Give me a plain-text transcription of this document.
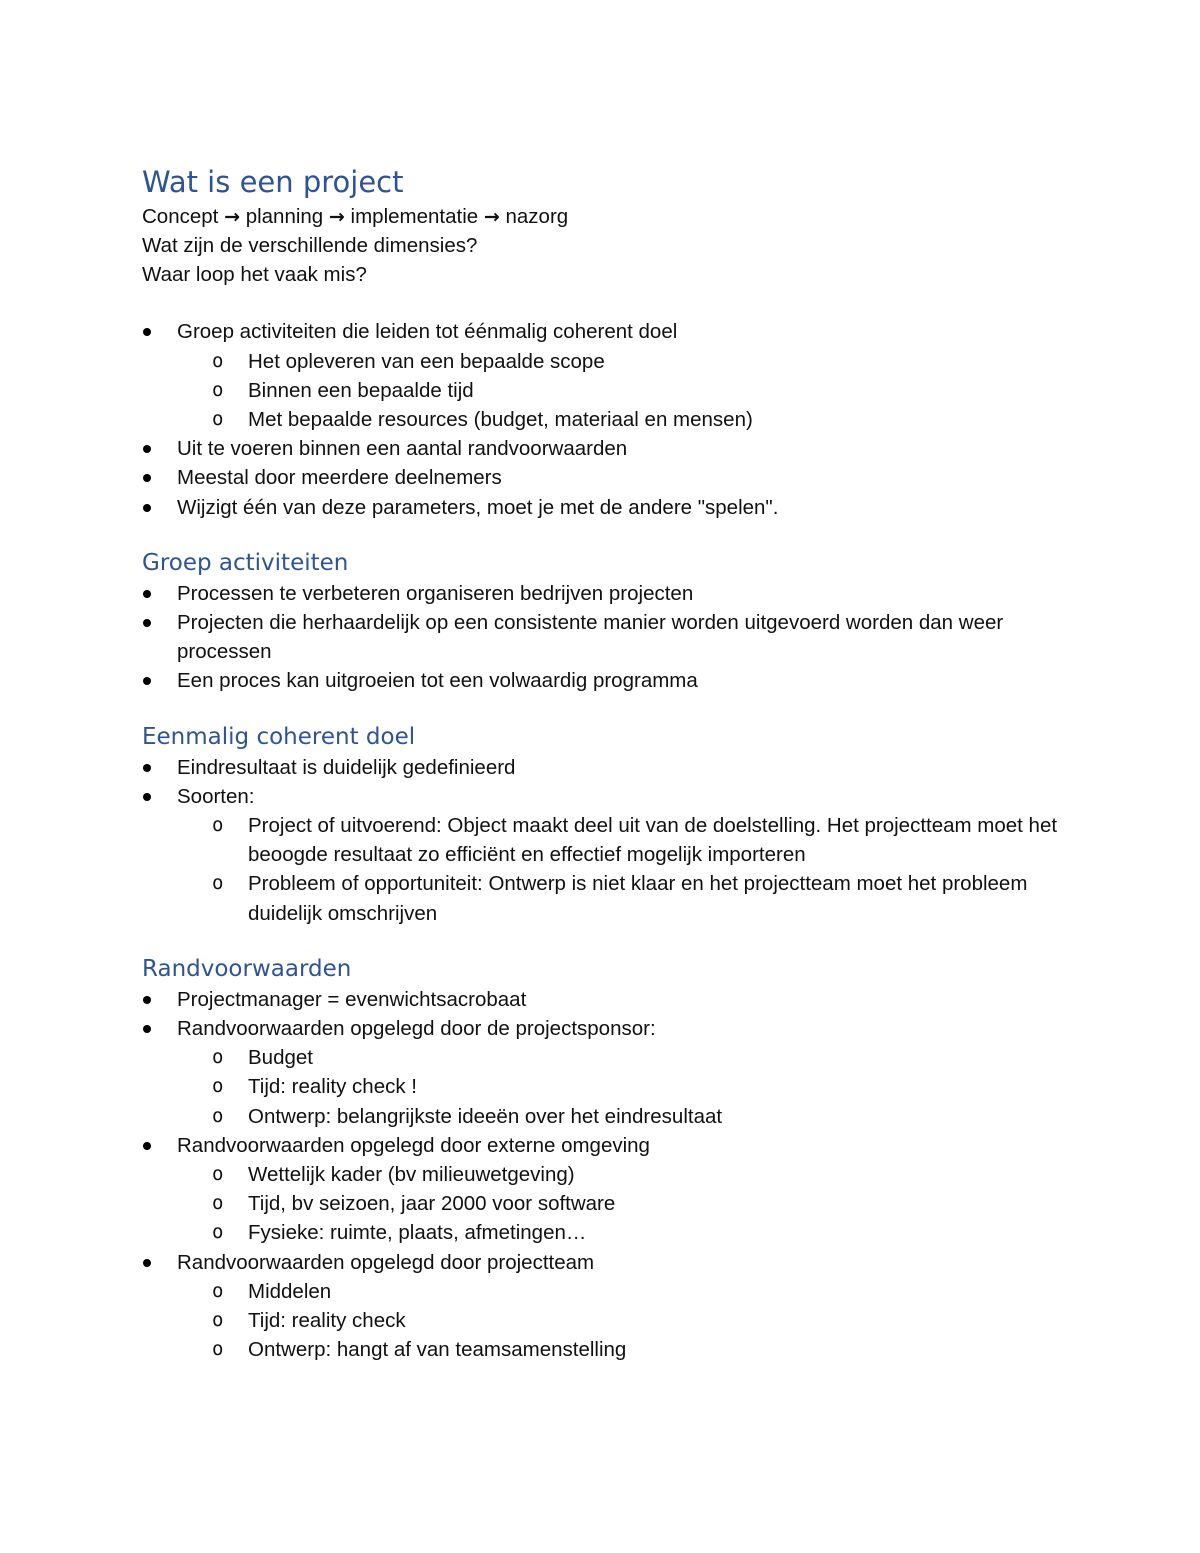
Wat is een project

Concept → planning → implementatie → nazorg

Wat zijn de verschillende dimensies?

Waar loop het vaak mis?

Groep activiteiten die leiden tot éénmalig coherent doel
o Het opleveren van een bepaalde scope
o Binnen een bepaalde tijd
o Met bepaalde resources (budget, materiaal en mensen)
Uit te voeren binnen een aantal randvoorwaarden
Meestal door meerdere deelnemers
Wijzigt één van deze parameters, moet je met de andere "spelen".
Groep activiteiten
Processen te verbeteren organiseren bedrijven projecten
Projecten die herhaardelijk op een consistente manier worden uitgevoerd worden dan weer processen
Een proces kan uitgroeien tot een volwaardig programma
Eenmalig coherent doel
Eindresultaat is duidelijk gedefinieerd
Soorten:
o Project of uitvoerend: Object maakt deel uit van de doelstelling. Het projectteam moet het beoogde resultaat zo efficiënt en effectief mogelijk importeren
o Probleem of opportuniteit: Ontwerp is niet klaar en het projectteam moet het probleem duidelijk omschrijven
Randvoorwaarden
Projectmanager = evenwichtsacrobaat
Randvoorwaarden opgelegd door de projectsponsor:
o Budget
o Tijd: reality check !
o Ontwerp: belangrijkste ideeën over het eindresultaat
Randvoorwaarden opgelegd door externe omgeving
o Wettelijk kader (bv milieuwetgeving)
o Tijd, bv seizoen, jaar 2000 voor software
o Fysieke: ruimte, plaats, afmetingen…
Randvoorwaarden opgelegd door projectteam
o Middelen
o Tijd: reality check
o Ontwerp: hangt af van teamsamenstelling
